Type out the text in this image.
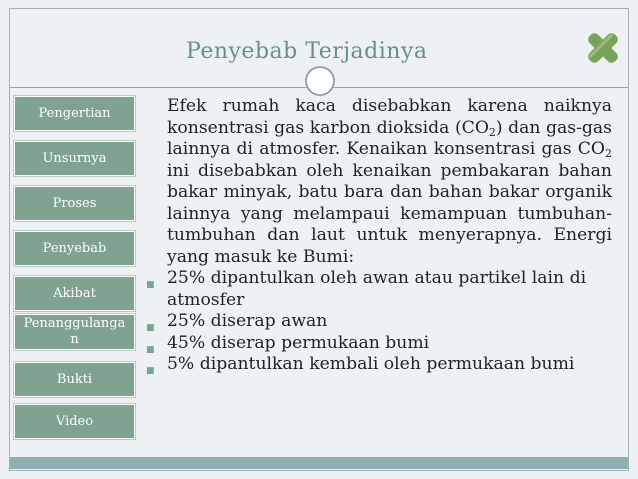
Penyebab Terjadinya
Pengertian
Unsurnya
Proses
Penyebab
Akibat
Penanggulangan
Bukti
Video

Efek rumah kaca disebabkan karena naiknya konsentrasi gas karbon dioksida $(CO_2)$ dan gas-gas lainnya di atmosfer. Kenaikan konsentrasi gas $CO_2$ ini disebabkan oleh kenaikan pembakaran bahan bakar minyak, batu bara dan bahan bakar organik lainnya yang melampaui kemampuan tumbuhan-tumbuhan dan laut untuk menyerapnya. Energi yang masuk ke Bumi:

■ 25% dipantulkan oleh awan atau partikel lain di atmosfer
■ 25% diserap awan
■ 45% diserap permukaan bumi
■ 5% dipantulkan kembali oleh permukaan bumi
